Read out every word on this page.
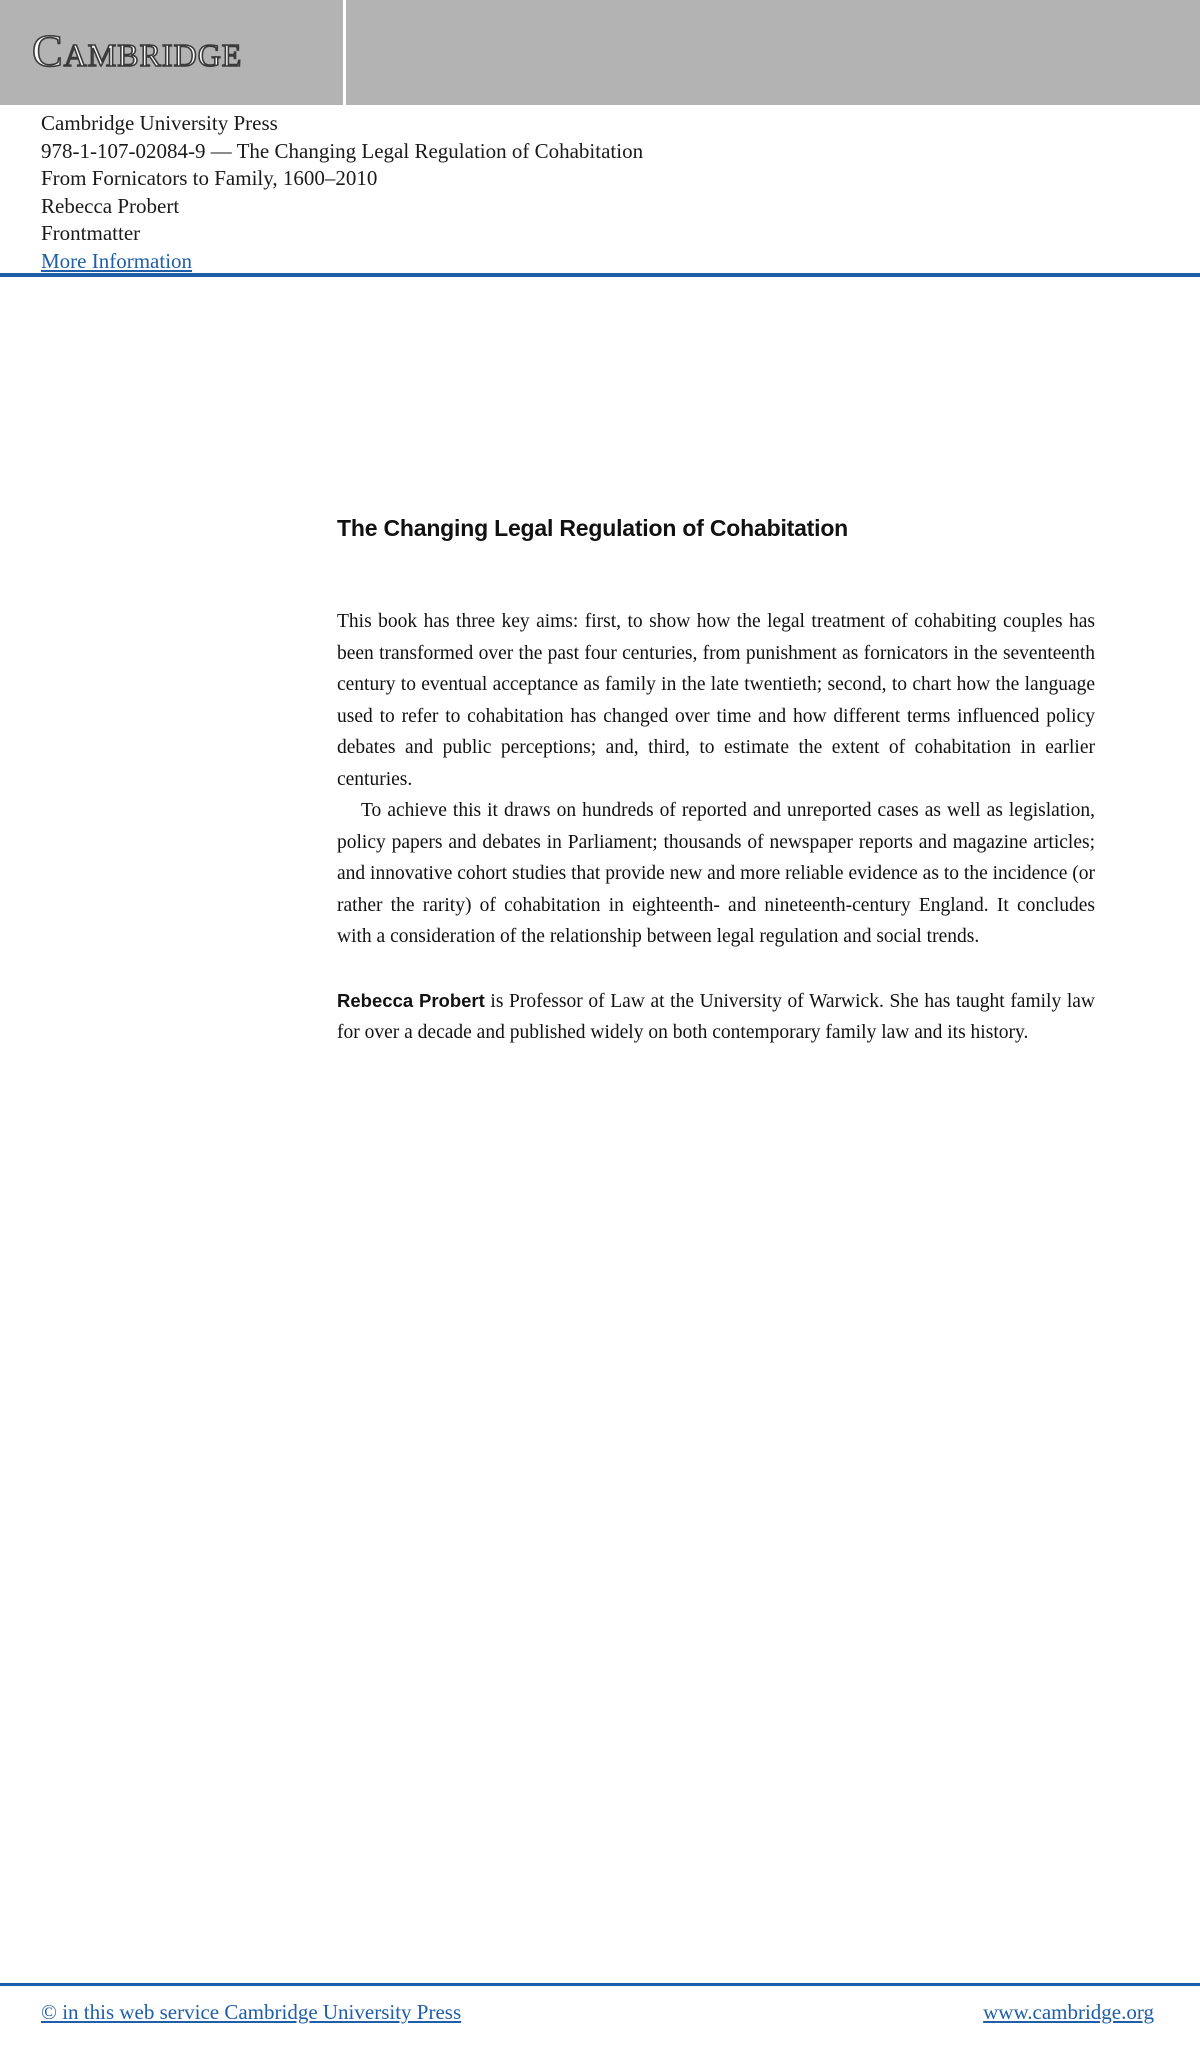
Cambridge
Cambridge University Press
978-1-107-02084-9 — The Changing Legal Regulation of Cohabitation
From Fornicators to Family, 1600–2010
Rebecca Probert
Frontmatter
More Information
The Changing Legal Regulation of Cohabitation

This book has three key aims: first, to show how the legal treatment of cohabiting couples has been transformed over the past four centuries, from punishment as fornicators in the seventeenth century to eventual acceptance as family in the late twentieth; second, to chart how the language used to refer to cohabitation has changed over time and how different terms influenced policy debates and public perceptions; and, third, to estimate the extent of cohabitation in earlier centuries.

To achieve this it draws on hundreds of reported and unreported cases as well as legislation, policy papers and debates in Parliament; thousands of newspaper reports and magazine articles; and innovative cohort studies that provide new and more reliable evidence as to the incidence (or rather the rarity) of cohabitation in eighteenth- and nineteenth-century England. It concludes with a consideration of the relationship between legal regulation and social trends.

Rebecca Probert is Professor of Law at the University of Warwick. She has taught family law for over a decade and published widely on both contemporary family law and its history.

© in this web service Cambridge University Press	www.cambridge.org
